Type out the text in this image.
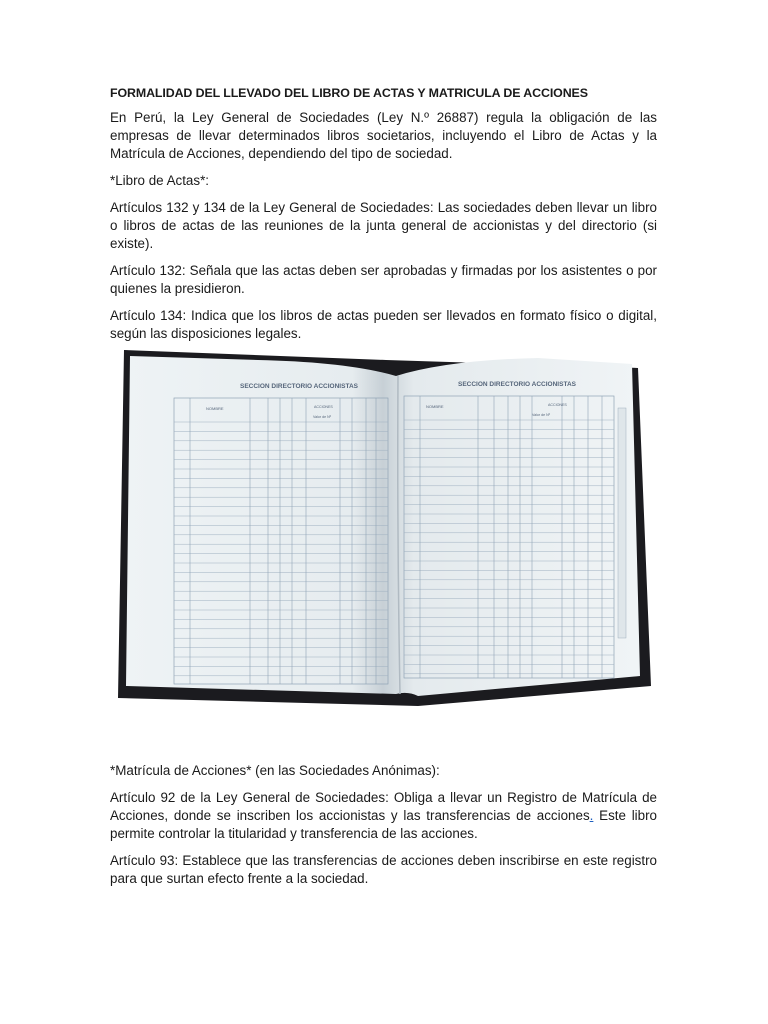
FORMALIDAD DEL LLEVADO DEL LIBRO DE ACTAS Y MATRICULA DE ACCIONES

En Perú, la Ley General de Sociedades (Ley N.º 26887) regula la obligación de las empresas de llevar determinados libros societarios, incluyendo el Libro de Actas y la Matrícula de Acciones, dependiendo del tipo de sociedad.

*Libro de Actas*:

Artículos 132 y 134 de la Ley General de Sociedades: Las sociedades deben llevar un libro o libros de actas de las reuniones de la junta general de accionistas y del directorio (si existe).

Artículo 132: Señala que las actas deben ser aprobadas y firmadas por los asistentes o por quienes la presidieron.

Artículo 134: Indica que los libros de actas pueden ser llevados en formato físico o digital, según las disposiciones legales.

SECCION DIRECTORIO ACCIONISTAS	SECCION DIRECTORIO ACCIONISTAS
NOMBRE	NOMBRE
ACCIONES	ACCIONES
Valor de Nº	Valor de Nº

*Matrícula de Acciones* (en las Sociedades Anónimas):

Artículo 92 de la Ley General de Sociedades: Obliga a llevar un Registro de Matrícula de Acciones, donde se inscriben los accionistas y las transferencias de acciones. Este libro permite controlar la titularidad y transferencia de las acciones.

Artículo 93: Establece que las transferencias de acciones deben inscribirse en este registro para que surtan efecto frente a la sociedad.
